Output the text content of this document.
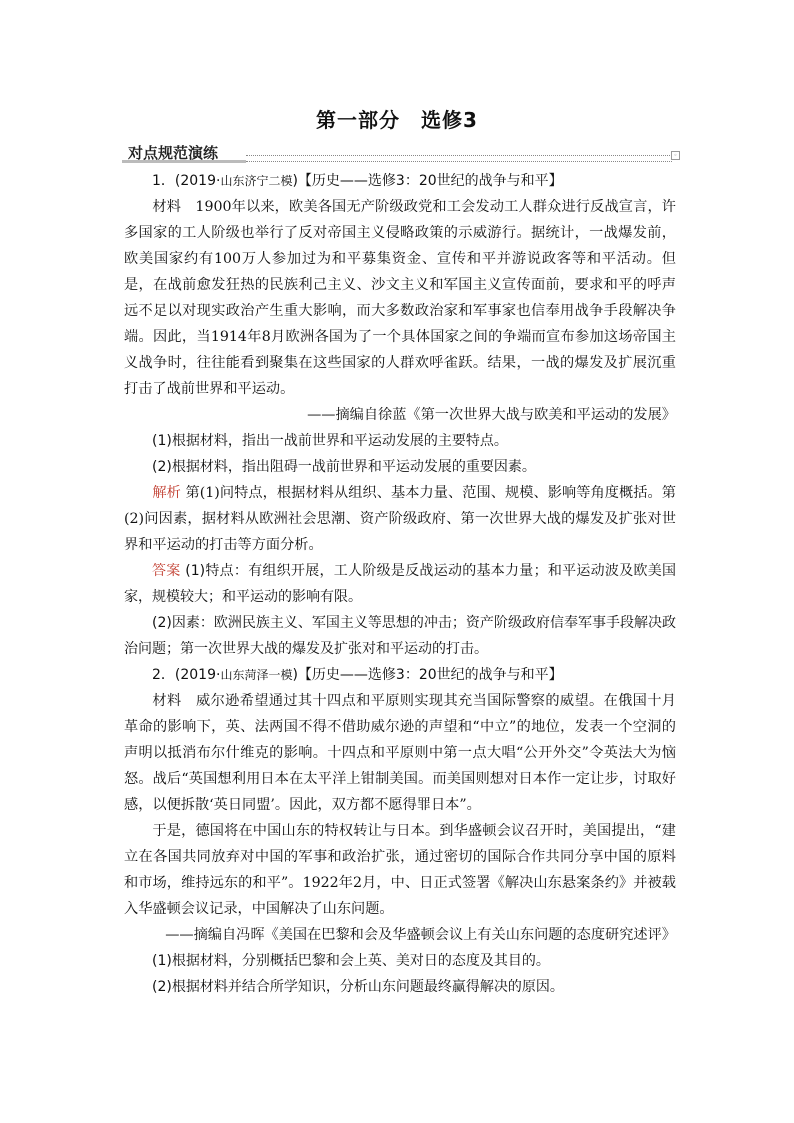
第一部分　选修3
对点规范演练	◦

1．(2019·山东济宁二模)【历史——选修3：20世纪的战争与和平】

材料　1900年以来，欧美各国无产阶级政党和工会发动工人群众进行反战宣言，许多国家的工人阶级也举行了反对帝国主义侵略政策的示威游行。据统计，一战爆发前，欧美国家约有100万人参加过为和平募集资金、宣传和平并游说政客等和平活动。但是，在战前愈发狂热的民族利己主义、沙文主义和军国主义宣传面前，要求和平的呼声远不足以对现实政治产生重大影响，而大多数政治家和军事家也信奉用战争手段解决争端。因此，当1914年8月欧洲各国为了一个具体国家之间的争端而宣布参加这场帝国主义战争时，往往能看到聚集在这些国家的人群欢呼雀跃。结果，一战的爆发及扩展沉重打击了战前世界和平运动。

——摘编自徐蓝《第一次世界大战与欧美和平运动的发展》

(1)根据材料，指出一战前世界和平运动发展的主要特点。

(2)根据材料，指出阻碍一战前世界和平运动发展的重要因素。

解析 第(1)问特点，根据材料从组织、基本力量、范围、规模、影响等角度概括。第(2)问因素，据材料从欧洲社会思潮、资产阶级政府、第一次世界大战的爆发及扩张对世界和平运动的打击等方面分析。

答案 (1)特点：有组织开展，工人阶级是反战运动的基本力量；和平运动波及欧美国家，规模较大；和平运动的影响有限。

(2)因素：欧洲民族主义、军国主义等思想的冲击；资产阶级政府信奉军事手段解决政治问题；第一次世界大战的爆发及扩张对和平运动的打击。

2．(2019·山东菏泽一模)【历史——选修3：20世纪的战争与和平】

材料　威尔逊希望通过其十四点和平原则实现其充当国际警察的威望。在俄国十月革命的影响下，英、法两国不得不借助威尔逊的声望和“中立”的地位，发表一个空洞的声明以抵消布尔什维克的影响。十四点和平原则中第一点大唱“公开外交”令英法大为恼怒。战后“英国想利用日本在太平洋上钳制美国。而美国则想对日本作一定让步，讨取好感，以便拆散‘英日同盟’。因此，双方都不愿得罪日本”。

于是，德国将在中国山东的特权转让与日本。到华盛顿会议召开时，美国提出，“建立在各国共同放弃对中国的军事和政治扩张，通过密切的国际合作共同分享中国的原料和市场，维持远东的和平”。1922年2月，中、日正式签署《解决山东悬案条约》并被载入华盛顿会议记录，中国解决了山东问题。

——摘编自冯晖《美国在巴黎和会及华盛顿会议上有关山东问题的态度研究述评》

(1)根据材料，分别概括巴黎和会上英、美对日的态度及其目的。

(2)根据材料并结合所学知识，分析山东问题最终赢得解决的原因。
